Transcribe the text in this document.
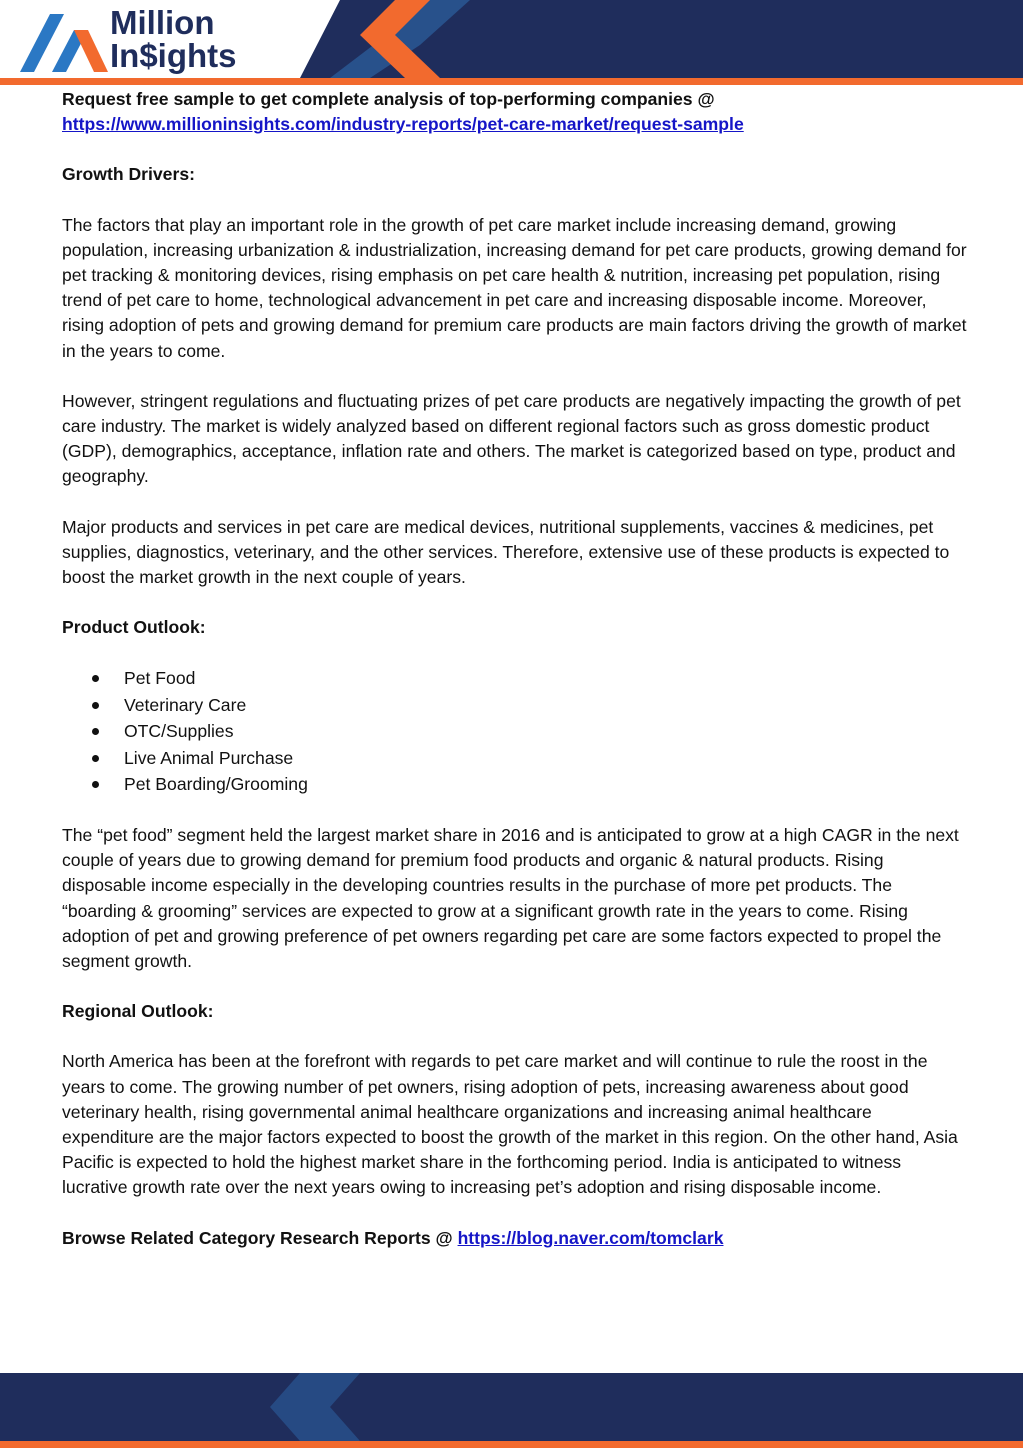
Million
In$ights

Request free sample to get complete analysis of top-performing companies @
https://www.millioninsights.com/industry-reports/pet-care-market/request-sample

Growth Drivers:

The factors that play an important role in the growth of pet care market include increasing demand, growing population, increasing urbanization & industrialization, increasing demand for pet care products, growing demand for pet tracking & monitoring devices, rising emphasis on pet care health & nutrition, increasing pet population, rising trend of pet care to home, technological advancement in pet care and increasing disposable income. Moreover, rising adoption of pets and growing demand for premium care products are main factors driving the growth of market in the years to come.

However, stringent regulations and fluctuating prizes of pet care products are negatively impacting the growth of pet care industry. The market is widely analyzed based on different regional factors such as gross domestic product (GDP), demographics, acceptance, inflation rate and others. The market is categorized based on type, product and geography.

Major products and services in pet care are medical devices, nutritional supplements, vaccines & medicines, pet supplies, diagnostics, veterinary, and the other services. Therefore, extensive use of these products is expected to boost the market growth in the next couple of years.

Product Outlook:

Pet Food
Veterinary Care
OTC/Supplies
Live Animal Purchase
Pet Boarding/Grooming

The “pet food” segment held the largest market share in 2016 and is anticipated to grow at a high CAGR in the next couple of years due to growing demand for premium food products and organic & natural products. Rising disposable income especially in the developing countries results in the purchase of more pet products. The “boarding & grooming” services are expected to grow at a significant growth rate in the years to come. Rising adoption of pet and growing preference of pet owners regarding pet care are some factors expected to propel the segment growth.

Regional Outlook:

North America has been at the forefront with regards to pet care market and will continue to rule the roost in the years to come. The growing number of pet owners, rising adoption of pets, increasing awareness about good veterinary health, rising governmental animal healthcare organizations and increasing animal healthcare expenditure are the major factors expected to boost the growth of the market in this region. On the other hand, Asia Pacific is expected to hold the highest market share in the forthcoming period. India is anticipated to witness lucrative growth rate over the next years owing to increasing pet’s adoption and rising disposable income.

Browse Related Category Research Reports @ https://blog.naver.com/tomclark
